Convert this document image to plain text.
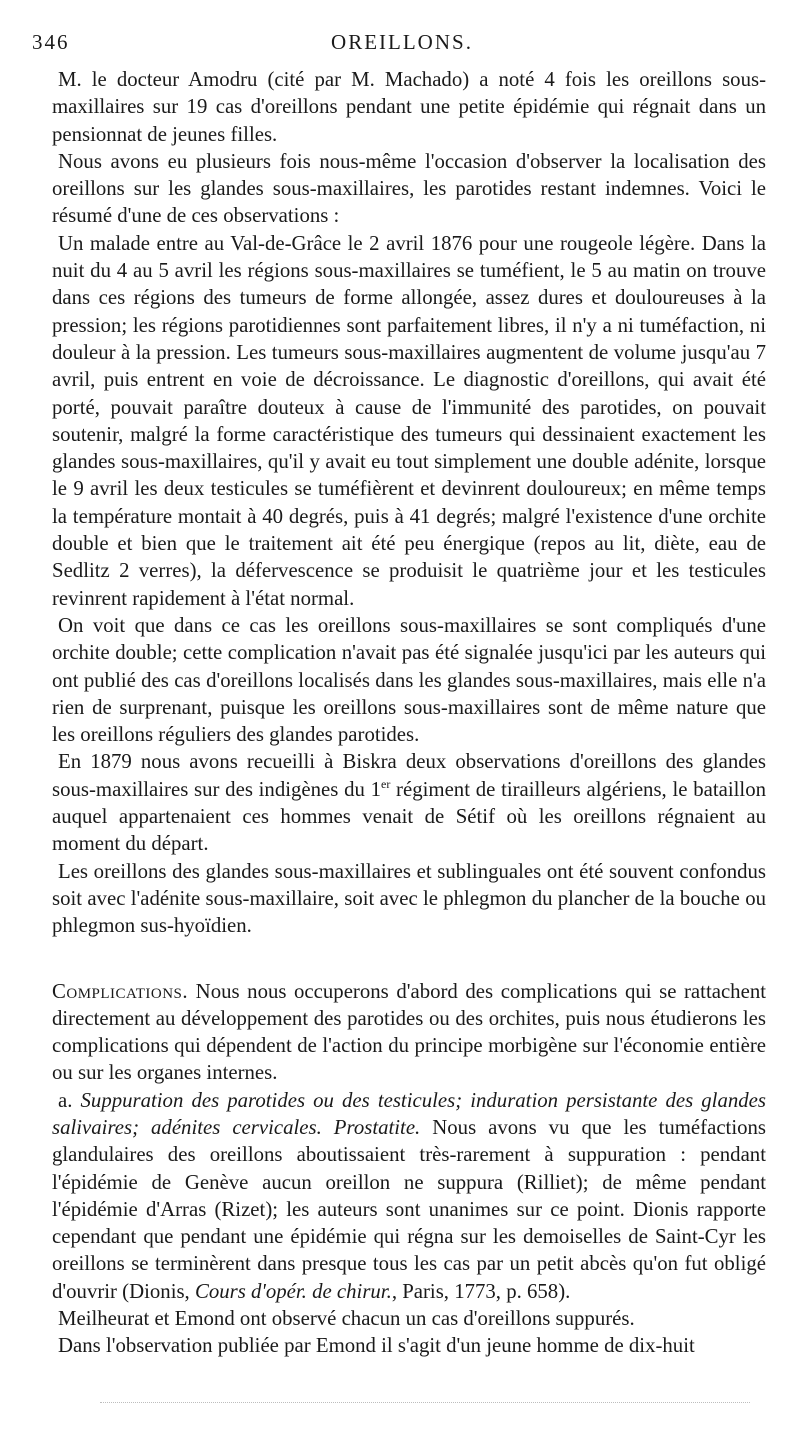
346	OREILLONS.

M. le docteur Amodru (cité par M. Machado) a noté 4 fois les oreillons sous-maxillaires sur 19 cas d'oreillons pendant une petite épidémie qui régnait dans un pensionnat de jeunes filles.

Nous avons eu plusieurs fois nous-même l'occasion d'observer la localisation des oreillons sur les glandes sous-maxillaires, les parotides restant indemnes. Voici le résumé d'une de ces observations :

Un malade entre au Val-de-Grâce le 2 avril 1876 pour une rougeole légère. Dans la nuit du 4 au 5 avril les régions sous-maxillaires se tuméfient, le 5 au matin on trouve dans ces régions des tumeurs de forme allongée, assez dures et douloureuses à la pression; les régions parotidiennes sont parfaitement libres, il n'y a ni tuméfaction, ni douleur à la pression. Les tumeurs sous-maxillaires augmentent de volume jusqu'au 7 avril, puis entrent en voie de décroissance. Le diagnostic d'oreillons, qui avait été porté, pouvait paraître douteux à cause de l'immunité des parotides, on pouvait soutenir, malgré la forme caractéristique des tumeurs qui dessinaient exactement les glandes sous-maxillaires, qu'il y avait eu tout simplement une double adénite, lorsque le 9 avril les deux testicules se tuméfièrent et devinrent douloureux; en même temps la température montait à 40 degrés, puis à 41 degrés; malgré l'existence d'une orchite double et bien que le traitement ait été peu énergique (repos au lit, diète, eau de Sedlitz 2 verres), la défervescence se produisit le quatrième jour et les testicules revinrent rapidement à l'état normal.

On voit que dans ce cas les oreillons sous-maxillaires se sont compliqués d'une orchite double; cette complication n'avait pas été signalée jusqu'ici par les auteurs qui ont publié des cas d'oreillons localisés dans les glandes sous-maxillaires, mais elle n'a rien de surprenant, puisque les oreillons sous-maxillaires sont de même nature que les oreillons réguliers des glandes parotides.

En 1879 nous avons recueilli à Biskra deux observations d'oreillons des glandes sous-maxillaires sur des indigènes du 1er régiment de tirailleurs algériens, le bataillon auquel appartenaient ces hommes venait de Sétif où les oreillons régnaient au moment du départ.

Les oreillons des glandes sous-maxillaires et sublinguales ont été souvent confondus soit avec l'adénite sous-maxillaire, soit avec le phlegmon du plancher de la bouche ou phlegmon sus-hyoïdien.

Complications. Nous nous occuperons d'abord des complications qui se rattachent directement au développement des parotides ou des orchites, puis nous étudierons les complications qui dépendent de l'action du principe morbigène sur l'économie entière ou sur les organes internes.

a. Suppuration des parotides ou des testicules; induration persistante des glandes salivaires; adénites cervicales. Prostatite. Nous avons vu que les tuméfactions glandulaires des oreillons aboutissaient très-rarement à suppuration : pendant l'épidémie de Genève aucun oreillon ne suppura (Rilliet); de même pendant l'épidémie d'Arras (Rizet); les auteurs sont unanimes sur ce point. Dionis rapporte cependant que pendant une épidémie qui régna sur les demoiselles de Saint-Cyr les oreillons se terminèrent dans presque tous les cas par un petit abcès qu'on fut obligé d'ouvrir (Dionis, Cours d'opér. de chirur., Paris, 1773, p. 658).

Meilheurat et Emond ont observé chacun un cas d'oreillons suppurés.

Dans l'observation publiée par Emond il s'agit d'un jeune homme de dix-huit
